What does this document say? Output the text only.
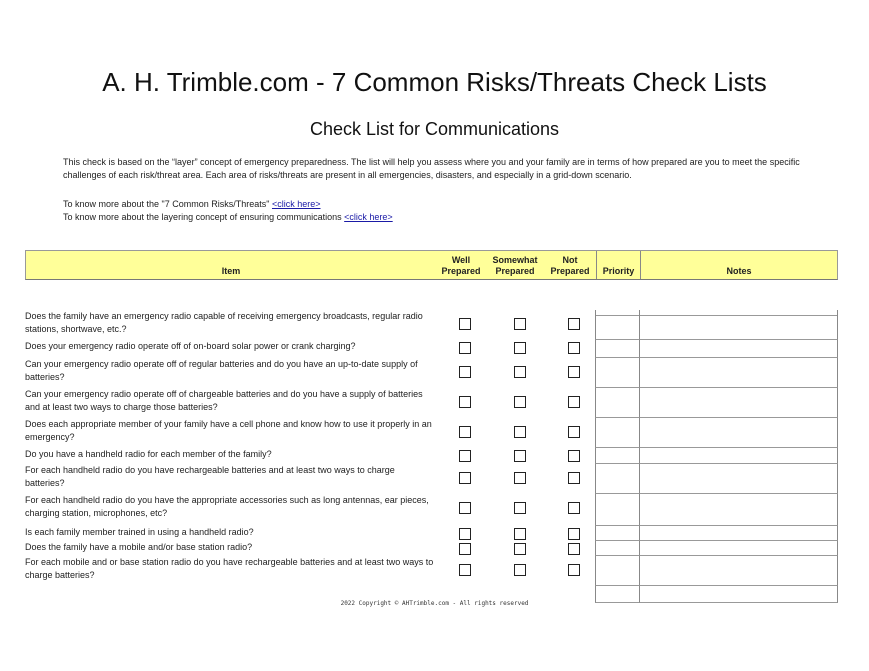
A. H. Trimble.com - 7 Common Risks/Threats Check Lists
Check List for Communications
This check is based on the “layer” concept of emergency preparedness. The list will help you assess where you and your family are in terms of how prepared are you to meet the specific challenges of each risk/threat area. Each area of risks/threats are present in all emergencies, disasters, and especially in a grid-down scenario.
To know more about the "7 Common Risks/Threats" <click here>
To know more about the layering concept of ensuring communications <click here>
Item
Well
Prepared
Somewhat
Prepared
Not
Prepared Priority	Notes
Does the family have an emergency radio capable of receiving emergency broadcasts, regular radio stations, shortwave, etc.?
Does your emergency radio operate off of on-board solar power or crank charging?
Can your emergency radio operate off of regular batteries and do you have an up-to-date supply of batteries?
Can your emergency radio operate off of chargeable batteries and do you have a supply of batteries and at least two ways to charge those batteries?
Does each appropriate member of your family have a cell phone and know how to use it properly in an emergency?
Do you have a handheld radio for each member of the family?
For each handheld radio do you have rechargeable batteries and at least two ways to charge batteries?
For each handheld radio do you have the appropriate accessories such as long antennas, ear pieces, charging station, microphones, etc?
Is each family member trained in using a handheld radio?
Does the family have a mobile and/or base station radio?
For each mobile and or base station radio do you have rechargeable batteries and at least two ways to charge batteries?
2022 Copyright © AHTrimble.com - All rights reserved
